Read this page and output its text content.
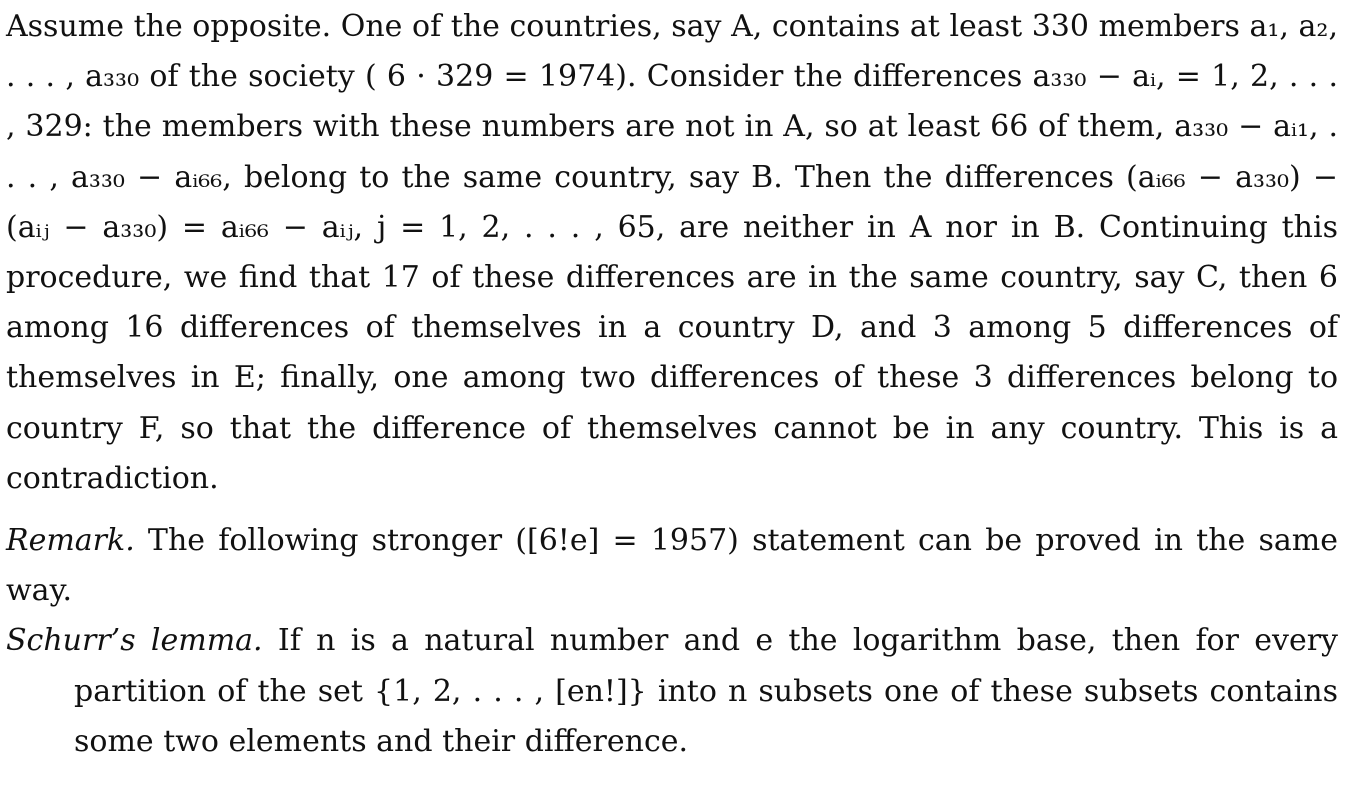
Assume the opposite. One of the countries, say A, contains at least 330 members a₁, a₂, . . . , a₃₃₀ of the society ( 6 · 329 = 1974). Consider the differences a₃₃₀ − aᵢ, = 1, 2, . . . , 329: the members with these numbers are not in A, so at least 66 of them, a₃₃₀ − aᵢ₁, . . . , a₃₃₀ − aᵢ₆₆, belong to the same country, say B. Then the differences (aᵢ₆₆ − a₃₃₀) − (aᵢⱼ − a₃₃₀) = aᵢ₆₆ − aᵢⱼ, j = 1, 2, . . . , 65, are neither in A nor in B. Continuing this procedure, we find that 17 of these differences are in the same country, say C, then 6 among 16 differences of themselves in a country D, and 3 among 5 differences of themselves in E; finally, one among two differences of these 3 differences belong to country F, so that the difference of themselves cannot be in any country. This is a contradiction.

Remark. The following stronger ([6!e] = 1957) statement can be proved in the same way.

Schurr’s lemma. If n is a natural number and e the logarithm base, then for every partition of the set {1, 2, . . . , [en!]} into n subsets one of these subsets contains some two elements and their difference.
